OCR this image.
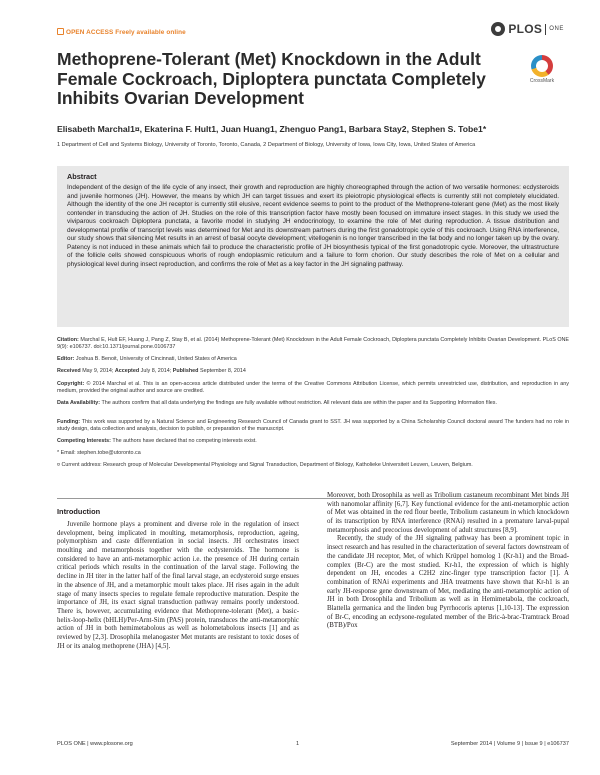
OPEN ACCESS Freely available online	PLOS ONE
Methoprene-Tolerant (Met) Knockdown in the Adult Female Cockroach, Diploptera punctata Completely Inhibits Ovarian Development
CrossMark
Elisabeth Marchal1¤, Ekaterina F. Hult1, Juan Huang1, Zhenguo Pang1, Barbara Stay2, Stephen S. Tobe1*
1 Department of Cell and Systems Biology, University of Toronto, Toronto, Canada, 2 Department of Biology, University of Iowa, Iowa City, Iowa, United States of America
Abstract

Independent of the design of the life cycle of any insect, their growth and reproduction are highly choreographed through the action of two versatile hormones: ecdysteroids and juvenile hormones (JH). However, the means by which JH can target tissues and exert its pleiotropic physiological effects is currently still not completely elucidated. Although the identity of the one JH receptor is currently still elusive, recent evidence seems to point to the product of the Methoprene-tolerant gene (Met) as the most likely contender in transducing the action of JH. Studies on the role of this transcription factor have mostly been focused on immature insect stages. In this study we used the viviparous cockroach Diploptera punctata, a favorite model in studying JH endocrinology, to examine the role of Met during reproduction. A tissue distribution and developmental profile of transcript levels was determined for Met and its downstream partners during the first gonadotropic cycle of this cockroach. Using RNA interference, our study shows that silencing Met results in an arrest of basal oocyte development; vitellogenin is no longer transcribed in the fat body and no longer taken up by the ovary. Patency is not induced in these animals which fail to produce the characteristic profile of JH biosynthesis typical of the first gonadotropic cycle. Moreover, the ultrastructure of the follicle cells showed conspicuous whorls of rough endoplasmic reticulum and a failure to form chorion. Our study describes the role of Met on a cellular and physiological level during insect reproduction, and confirms the role of Met as a key factor in the JH signaling pathway.

Citation: Marchal E, Hult EF, Huang J, Pang Z, Stay B, et al. (2014) Methoprene-Tolerant (Met) Knockdown in the Adult Female Cockroach, Diploptera punctata Completely Inhibits Ovarian Development. PLoS ONE 9(9): e106737. doi:10.1371/journal.pone.0106737
Editor: Joshua B. Benoit, University of Cincinnati, United States of America
Received May 9, 2014; Accepted July 8, 2014; Published September 8, 2014
Copyright: © 2014 Marchal et al. This is an open-access article distributed under the terms of the Creative Commons Attribution License, which permits unrestricted use, distribution, and reproduction in any medium, provided the original author and source are credited.
Data Availability: The authors confirm that all data underlying the findings are fully available without restriction. All relevant data are within the paper and its Supporting Information files.
Funding: This work was supported by a Natural Science and Engineering Research Council of Canada grant to SST. JH was supported by a China Scholarship Council doctoral award The funders had no role in study design, data collection and analysis, decision to publish, or preparation of the manuscript.
Competing Interests: The authors have declared that no competing interests exist.
* Email: stephen.tobe@utoronto.ca
¤ Current address: Research group of Molecular Developmental Physiology and Signal Transduction, Department of Biology, Katholieke Universiteit Leuven, Leuven, Belgium.
Introduction

Juvenile hormone plays a prominent and diverse role in the regulation of insect development, being implicated in moulting, metamorphosis, reproduction, ageing, polymorphism and caste differentiation in social insects. JH orchestrates insect moulting and metamorphosis together with the ecdysteroids. The hormone is considered to have an anti-metamorphic action i.e. the presence of JH during certain critical periods which results in the continuation of the larval stage. Following the decline in JH titer in the latter half of the final larval stage, an ecdysteroid surge ensues in the absence of JH, and a metamorphic moult takes place. JH rises again in the adult stage of many insects species to regulate female reproductive maturation. Despite the importance of JH, its exact signal transduction pathway remains poorly understood. There is, however, accumulating evidence that Methoprene-tolerant (Met), a basic-helix-loop-helix (bHLH)/Per-Arnt-Sim (PAS) protein, transduces the anti-metamorphic action of JH in both hemimetabolous as well as holometabolous insects [1] and as reviewed by [2,3]. Drosophila melanogaster Met mutants are resistant to toxic doses of JH or its analog methoprene (JHA) [4,5].

Moreover, both Drosophila as well as Tribolium castaneum recombinant Met binds JH with nanomolar affinity [6,7]. Key functional evidence for the anti-metamorphic action of Met was obtained in the red flour beetle, Tribolium castaneum in which knockdown of its transcription by RNA interference (RNAi) resulted in a premature larval-pupal metamorphosis and precocious development of adult structures [8,9].

Recently, the study of the JH signaling pathway has been a prominent topic in insect research and has resulted in the characterization of several factors downstream of the candidate JH receptor, Met, of which Krüppel homolog 1 (Kr-h1) and the Broad-complex (Br-C) are the most studied. Kr-h1, the expression of which is highly dependent on JH, encodes a C2H2 zinc-finger type transcription factor [1]. A combination of RNAi experiments and JHA treatments have shown that Kr-h1 is an early JH-response gene downstream of Met, mediating the anti-metamorphic action of JH in both Drosophila and Tribolium as well as in Hemimetabola, the cockroach, Blattella germanica and the linden bug Pyrrhocoris apterus [1,10-13]. The expression of Br-C, encoding an ecdysone-regulated member of the Bric-à-brac-Tramtrack Broad (BTB)/Pox

PLOS ONE | www.plosone.org	1	September 2014 | Volume 9 | Issue 9 | e106737
